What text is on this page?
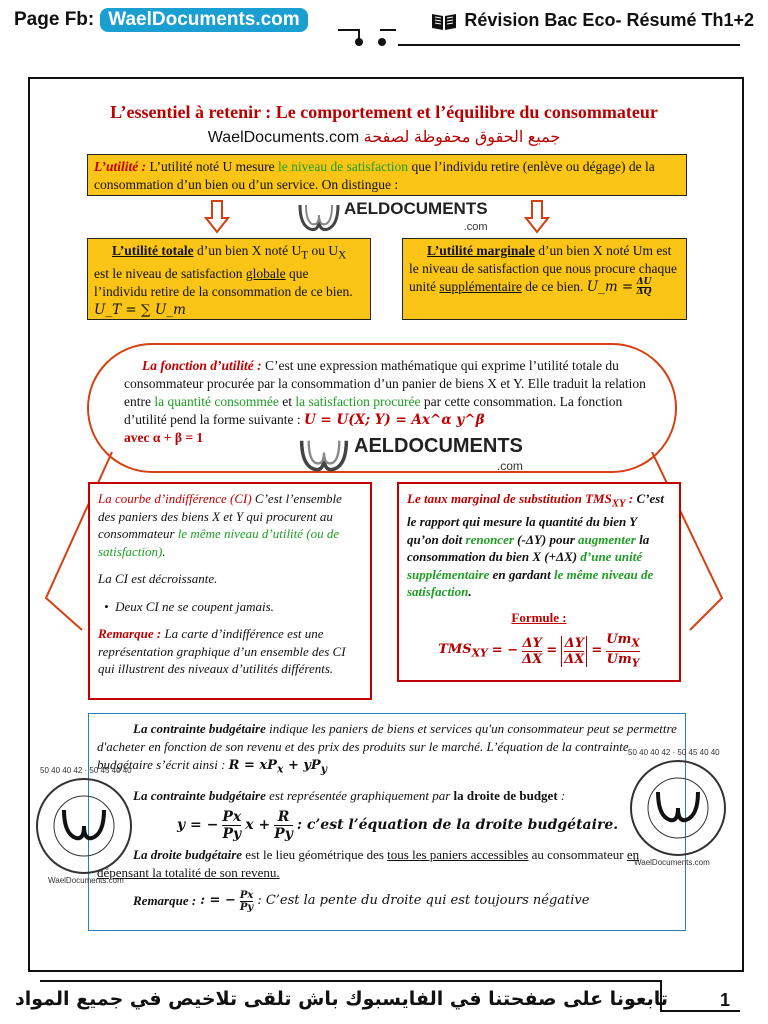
Page Fb: WaelDocuments.com	Révision Bac Eco- Résumé Th1+2
L’essentiel à retenir : Le comportement et l’équilibre du consommateur
WaelDocuments.com جميع الحقوق محفوظة لصفحة
L’utilité : L’utilité noté U mesure le niveau de satisfaction que l’individu retire (enlève ou dégage) de la consommation d’un bien ou d’un service. On distingue :
AELDOCUMENTS
.com
L’utilité totale d’un bien X noté $U_T$ ou $U_X$ est le niveau de satisfaction globale que l’individu retire de la consommation de ce bien. U_T = ∑ U_m
L’utilité marginale d’un bien X noté Um est le niveau de satisfaction que nous procure chaque unité supplémentaire de ce bien. U_m = $\frac{\Delta U}{\Delta Q}$
La fonction d’utilité : C’est une expression mathématique qui exprime l’utilité totale du consommateur procurée par la consommation d’un panier de biens X et Y. Elle traduit la relation entre la quantité consommée et la satisfaction procurée par cette consommation. La fonction d’utilité pend la forme suivante : U = U(X; Y) = Ax^α y^β
avec α + β = 1	AELDOCUMENTS
.com
La courbe d’indifférence (CI) C’est l’ensemble des paniers des biens X et Y qui procurent au consommateur le même niveau d’utilité (ou de satisfaction).
La CI est décroissante.
•  Deux CI ne se coupent jamais.
Remarque : La carte d’indifférence est une représentation graphique d’un ensemble des CI qui illustrent des niveaux d’utilités différents.
Le taux marginal de substitution $TMS_{XY}$ : C’est le rapport qui mesure la quantité du bien Y qu’on doit renoncer (-ΔY) pour augmenter la consommation du bien X (+ΔX) d’une unité supplémentaire en gardant le même niveau de satisfaction.
Formule :
$TMS_{XY}$ = − $\frac{\Delta Y}{\Delta X} = \frac{\Delta Y}{\Delta X}$ =
$Um_X$
$Um_Y$
La contrainte budgétaire indique les paniers de biens et services qu'un consommateur peut se permettre d'acheter en fonction de son revenu et des prix des produits sur le marché. L’équation de la contrainte budgétaire s’écrit ainsi : $R = xP_x + yP_y$
La contrainte budgétaire est représentée graphiquement par la droite de budget :
y = − $\frac{Px}{Py}$ $x + \frac{R}{Py}$ : c’est l’équation de la droite budgétaire.
La droite budgétaire est le lieu géométrique des tous les paniers accessibles au consommateur en dépensant la totalité de son revenu.
Remarque : : = − $\frac{Px}{Py}$ : C’est la pente du droite qui est toujours négative
50 40 40 42 · 50 45 40 40
WaelDocuments.com
50 40 40 42 · 50 45 40 40
WaelDocuments.com
تابعونا على صفحتنا في الفايسبوك باش تلقى تلاخيص في جميع المواد	1
